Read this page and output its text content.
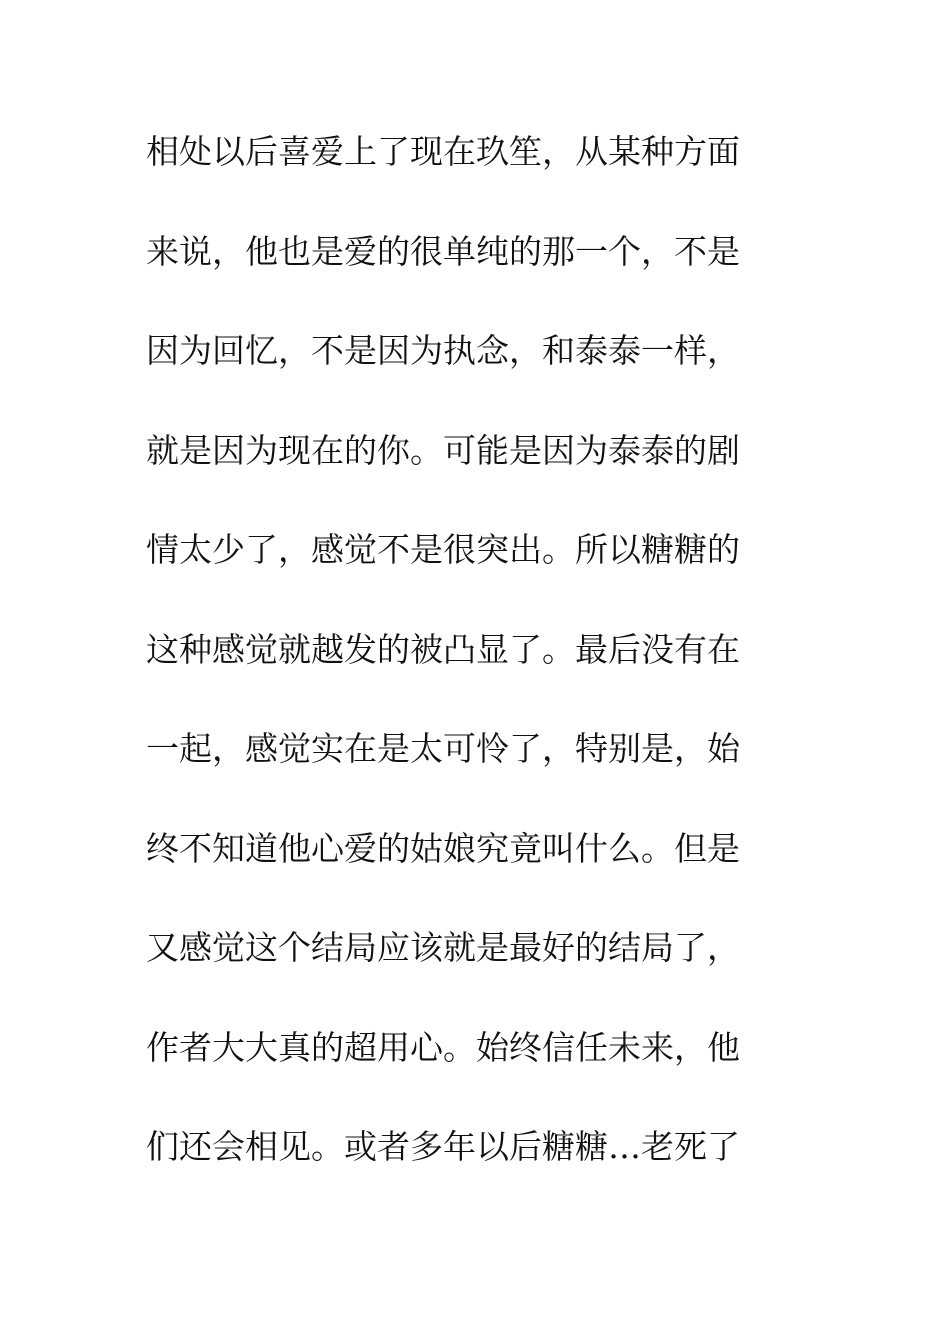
相处以后喜爱上了现在玖笙，从某种方面
来说，他也是爱的很单纯的那一个，不是
因为回忆，不是因为执念，和泰泰一样，
就是因为现在的你。可能是因为泰泰的剧
情太少了，感觉不是很突出。所以糖糖的
这种感觉就越发的被凸显了。最后没有在
一起，感觉实在是太可怜了，特别是，始
终不知道他心爱的姑娘究竟叫什么。但是
又感觉这个结局应该就是最好的结局了，
作者大大真的超用心。始终信任未来，他
们还会相见。或者多年以后糖糖…老死了
